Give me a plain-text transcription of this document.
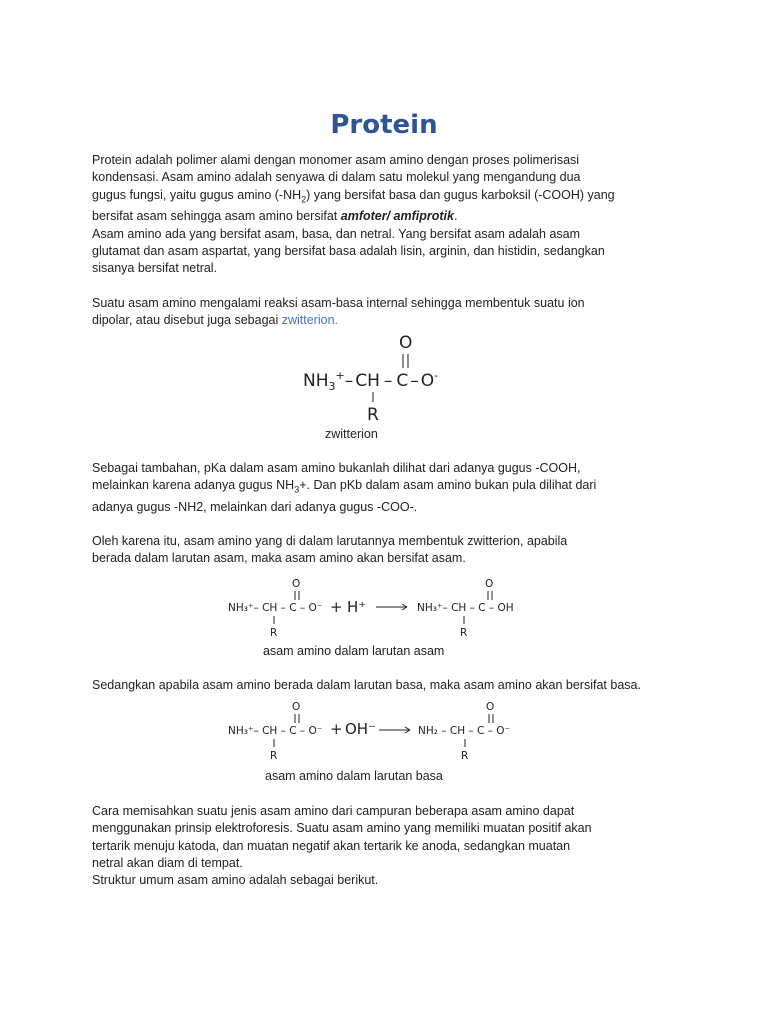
Protein

Protein adalah polimer alami dengan monomer asam amino dengan proses polimerisasi
kondensasi. Asam amino adalah senyawa di dalam satu molekul yang mengandung dua
gugus fungsi, yaitu gugus amino $(-NH_2)$ yang bersifat basa dan gugus karboksil (-COOH) yang
bersifat asam sehingga asam amino bersifat amfoter/ amfiprotik.
Asam amino ada yang bersifat asam, basa, dan netral. Yang bersifat asam adalah asam
glutamat dan asam aspartat, yang bersifat basa adalah lisin, arginin, dan histidin, sedangkan
sisanya bersifat netral.

Suatu asam amino mengalami reaksi asam-basa internal sehingga membentuk suatu ion
dipolar, atau disebut juga sebagai zwitterion.

O
$NH_3^+-$ CH – C – O-
R

zwitterion

Sebagai tambahan, pKa dalam asam amino bukanlah dilihat dari adanya gugus -COOH,
melainkan karena adanya gugus $NH_3+$. Dan pKb dalam asam amino bukan pula dilihat dari
adanya gugus -NH2, melainkan dari adanya gugus -COO-.

Oleh karena itu, asam amino yang di dalam larutannya membentuk zwitterion, apabila
berada dalam larutan asam, maka asam amino akan bersifat asam.

O
NH₃⁺– CH – C – O⁻
R
+ H⁺
O
NH₃⁺– CH – C – OH
R

asam amino dalam larutan asam

Sedangkan apabila asam amino berada dalam larutan basa, maka asam amino akan bersifat basa.

O
NH₃⁺– CH – C – O⁻
R
+ OH⁻
O
NH₂ – CH – C – O⁻
R

asam amino dalam larutan basa

Cara memisahkan suatu jenis asam amino dari campuran beberapa asam amino dapat
menggunakan prinsip elektroforesis. Suatu asam amino yang memiliki muatan positif akan
tertarik menuju katoda, dan muatan negatif akan tertarik ke anoda, sedangkan muatan
netral akan diam di tempat.
Struktur umum asam amino adalah sebagai berikut.
